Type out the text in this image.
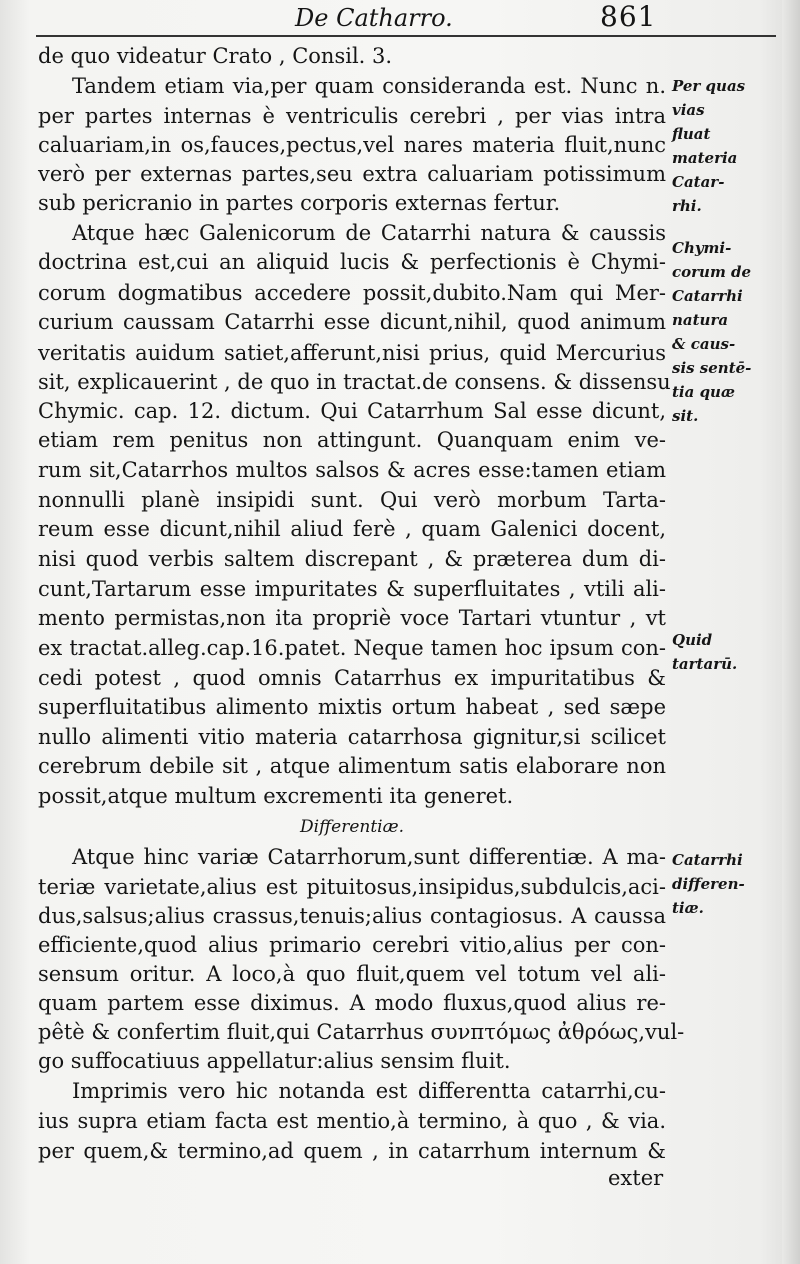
De Catharro.	861
de quo videatur Crato , Consil. 3.
Tandem etiam via,per quam consideranda est. Nunc n.
per partes internas è ventriculis cerebri , per vias intra
caluariam,in os,fauces,pectus,vel nares materia fluit,nunc
verò per externas partes,seu extra caluariam potissimum
sub pericranio in partes corporis externas fertur.
Atque hæc Galenicorum de Catarrhi natura & caussis
doctrina est,cui an aliquid lucis & perfectionis è Chymi-
corum dogmatibus accedere possit,dubito.Nam qui Mer-
curium caussam Catarrhi esse dicunt,nihil, quod animum
veritatis auidum satiet,afferunt,nisi prius, quid Mercurius
sit, explicauerint , de quo in tractat.de consens. & dissensu
Chymic. cap. 12. dictum. Qui Catarrhum Sal esse dicunt,
etiam rem penitus non attingunt. Quanquam enim ve-
rum sit,Catarrhos multos salsos & acres esse:tamen etiam
nonnulli planè insipidi sunt. Qui verò morbum Tarta-
reum esse dicunt,nihil aliud ferè , quam Galenici docent,
nisi quod verbis saltem discrepant , & præterea dum di-
cunt,Tartarum esse impuritates & superfluitates , vtili ali-
mento permistas,non ita propriè voce Tartari vtuntur , vt
ex tractat.alleg.cap.16.patet. Neque tamen hoc ipsum con-
cedi potest , quod omnis Catarrhus ex impuritatibus &
superfluitatibus alimento mixtis ortum habeat , sed sæpe
nullo alimenti vitio materia catarrhosa gignitur,si scilicet
cerebrum debile sit , atque alimentum satis elaborare non
possit,atque multum excrementi ita generet.
Differentiæ.
Atque hinc variæ Catarrhorum,sunt differentiæ. A ma-
teriæ varietate,alius est pituitosus,insipidus,subdulcis,aci-
dus,salsus;alius crassus,tenuis;alius contagiosus. A caussa
efficiente,quod alius primario cerebri vitio,alius per con-
sensum oritur. A loco,à quo fluit,quem vel totum vel ali-
quam partem esse diximus. A modo fluxus,quod alius re-
pêtè & confertim fluit,qui Catarrhus συνπτόμως ἀθρόως,vul-
go suffocatiuus appellatur:alius sensim fluit.
Imprimis vero hic notanda est differentta catarrhi,cu-
ius supra etiam facta est mentio,à termino, à quo , & via.
per quem,& termino,ad quem , in catarrhum internum &
exter
Per quas
vias
fluat
materia
Catar-
rhi.
Chymi-
corum de
Catarrhi
natura
& caus-
sis sentē-
tia quæ
sit.
Quid
tartarū.
Catarrhi
differen-
tiæ.
